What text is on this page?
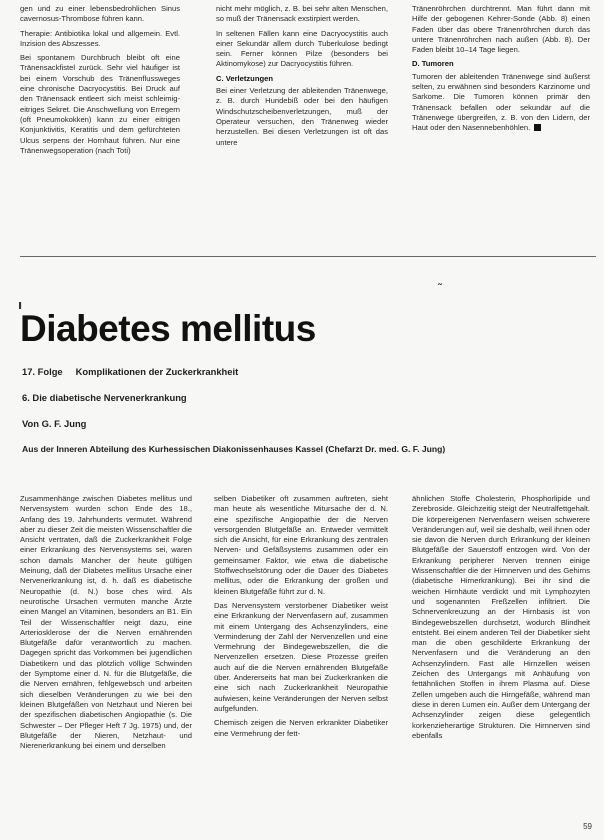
gen und zu einer lebensbedrohlichen Sinus cavernosus-Thrombose führen kann.

Therapie: Antibiotika lokal und allgemein. Evtl. Inzision des Abszesses.

Bei spontanem Durchbruch bleibt oft eine Tränensackfistel zurück. Sehr viel häufiger ist bei einem Vorschub des Tränenflussweges eine chronische Dacryocystitis. Bei Druck auf den Tränensack entleert sich meist schleimig-eitriges Sekret. Die Anschwellung von Erregern (oft Pneumokokken) kann zu einer eitrigen Konjunktivitis, Keratitis und dem gefürchteten Ulcus serpens der Hornhaut führen. Nur eine Tränenwegsoperation (nach Toti)

nicht mehr möglich, z. B. bei sehr alten Menschen, so muß der Tränensack exstirpiert werden.

In seltenen Fällen kann eine Dacryocystitis auch einer Sekundär allem durch Tuberkulose bedingt sein. Ferner können Pilze (besonders bei Aktinomykose) zur Dacryocystitis führen.

C. Verletzungen

Bei einer Verletzung der ableitenden Tränenwege, z. B. durch Hundebiß oder bei den häufigen Windschutzscheibenverletzungen, muß der Operateur versuchen, den Tränenweg wieder herzustellen. Bei diesen Verletzungen ist oft das untere

Tränenröhrchen durchtrennt. Man führt dann mit Hilfe der gebogenen Kehrer-Sonde (Abb. 8) einen Faden über das obere Tränenröhrchen durch das untere Tränenröhrchen nach außen (Abb. 8). Der Faden bleibt 10–14 Tage liegen.

D. Tumoren

Tumoren der ableitenden Tränenwege sind äußerst selten, zu erwähnen sind besonders Karzinome und Sarkome. Die Tumoren können primär den Tränensack befallen oder sekundär auf die Tränenwege übergreifen, z. B. von den Lidern, der Haut oder den Nasennebenhöhlen.

ı
˜
Diabetes mellitus
17. Folge     Komplikationen der Zuckerkrankheit
6. Die diabetische Nervenerkrankung
Von G. F. Jung
Aus der Inneren Abteilung des Kurhessischen Diakonissenhauses Kassel (Chefarzt Dr. med. G. F. Jung)

Zusammenhänge zwischen Diabetes mellitus und Nervensystem wurden schon Ende des 18., Anfang des 19. Jahrhunderts vermutet. Während aber zu dieser Zeit die meisten Wissenschaftler die Ansicht vertraten, daß die Zuckerkrankheit Folge einer Erkrankung des Nervensystems sei, waren schon damals Mancher der heute gültigen Meinung, daß der Diabetes mellitus Ursache einer Nervenerkrankung ist, d. h. daß es diabetische Neuropathie (d. N.) bose ches wird. Als neurotische Ursachen vermuten manche Ärzte einen Mangel an Vitaminen, besonders an B1. Ein Teil der Wissenschaftler neigt dazu, eine Arteriosklerose der die Nerven ernährenden Blutgefäße dafür verantwortlich zu machen. Dagegen spricht das Vorkommen bei jugendlichen Diabetikern und das plötzlich völlige Schwinden der Symptome einer d. N. für die Blutgefäße, die die Nerven ernähren, fehlgewebsch und arbeiten sich dieselben Veränderungen zu wie bei den kleinen Blutgefäßen von Netzhaut und Nieren bei der spezifischen diabetischen Angiopathie (s. Die Schwester – Der Pfleger Heft 7 Jg. 1975) und, der Blutgefäße der Nieren, Netzhaut- und Nierenerkrankung bei einem und derselben

selben Diabetiker oft zusammen auftreten, sieht man heute als wesentliche Mitursache der d. N. eine spezifische Angiopathie der die Nerven versorgenden Blutgefäße an. Entweder vermittelt sich die Ansicht, für eine Erkrankung des zentralen Nerven- und Gefäßsystems zusammen oder ein gemeinsamer Faktor, wie etwa die diabetische Stoffwechselstörung oder die Dauer des Diabetes mellitus, oder die Erkrankung der großen und kleinen Blutgefäße führt zur d. N.

Das Nervensystem verstorbener Diabetiker weist eine Erkrankung der Nervenfasern auf, zusammen mit einem Untergang des Achsenzylinders, eine Verminderung der Zahl der Nervenzellen und eine Vermehrung der Bindegewebszellen, die die Nervenzellen ersetzen. Diese Prozesse greifen auch auf die die Nerven ernährenden Blutgefäße über. Andererseits hat man bei Zuckerkranken die eine sich nach Zuckerkrankheit Neuropathie aufwiesen, keine Veränderungen der Nerven selbst aufgefunden.

Chemisch zeigen die Nerven erkrankter Diabetiker eine Vermehrung der fett-

ähnlichen Stoffe Cholesterin, Phosphorlipide und Zerebroside. Gleichzeitig steigt der Neutralfettgehalt. Die körpereigenen Nervenfasern weisen schwerere Veränderungen auf, weil sie deshalb, weil ihnen oder sie davon die Nerven durch Erkrankung der kleinen Blutgefäße der Sauerstoff entzogen wird. Von der Erkrankung peripherer Nerven trennen einige Wissenschaftler die der Hirnnerven und des Gehirns (diabetische Hirnerkrankung). Bei ihr sind die weichen Hirnhäute verdickt und mit Lymphozyten und sogenannten Freßzellen infiltriert. Die Schnervenkreuzung an der Hirnbasis ist von Bindegewebszellen durchsetzt, wodurch Blindheit entsteht. Bei einem anderen Teil der Diabetiker sieht man die oben geschilderte Erkrankung der Nervenfasern und die Veränderung an den Achsenzylindern. Fast alle Hirnzellen weisen Zeichen des Untergangs mit Anhäufung von fettähnlichen Stoffen in ihrem Plasma auf. Diese Zellen umgeben auch die Hirngefäße, während man diese in deren Lumen ein. Außer dem Untergang der Achsenzylinder zeigen diese gelegentlich korkenzieherartige Strukturen. Die Hirnnerven sind ebenfalls

59
